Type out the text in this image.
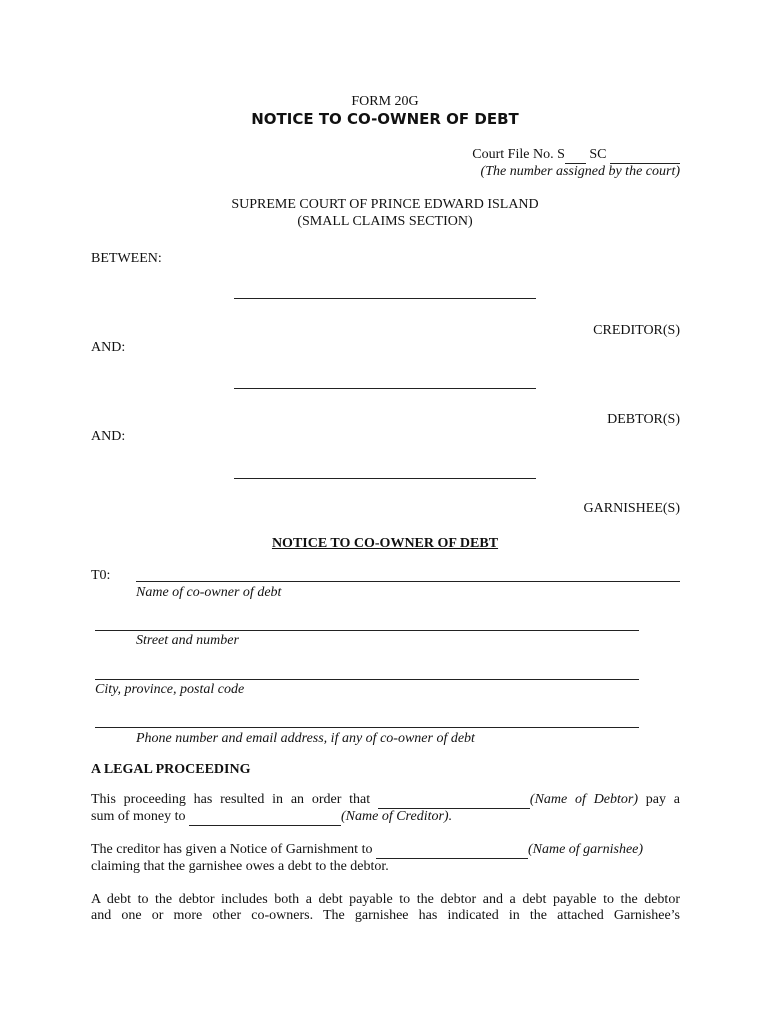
FORM 20G
NOTICE TO CO-OWNER OF DEBT
Court File No. S SC
(The number assigned by the court)
SUPREME COURT OF PRINCE EDWARD ISLAND
(SMALL CLAIMS SECTION)
BETWEEN:
CREDITOR(S)
AND:
DEBTOR(S)
AND:
GARNISHEE(S)
NOTICE TO CO-OWNER OF DEBT
T0:
Name of co-owner of debt
Street and number
City, province, postal code
Phone number and email address, if any of co-owner of debt
A LEGAL PROCEEDING
This proceeding has resulted in an order that	(Name of Debtor) pay a
sum of money to	(Name of Creditor).
The creditor has given a Notice of Garnishment to	(Name of garnishee)
claiming that the garnishee owes a debt to the debtor.
A debt to the debtor includes both a debt payable to the debtor and a debt payable to the debtor
and one or more other co-owners. The garnishee has indicated in the attached Garnishee’s
